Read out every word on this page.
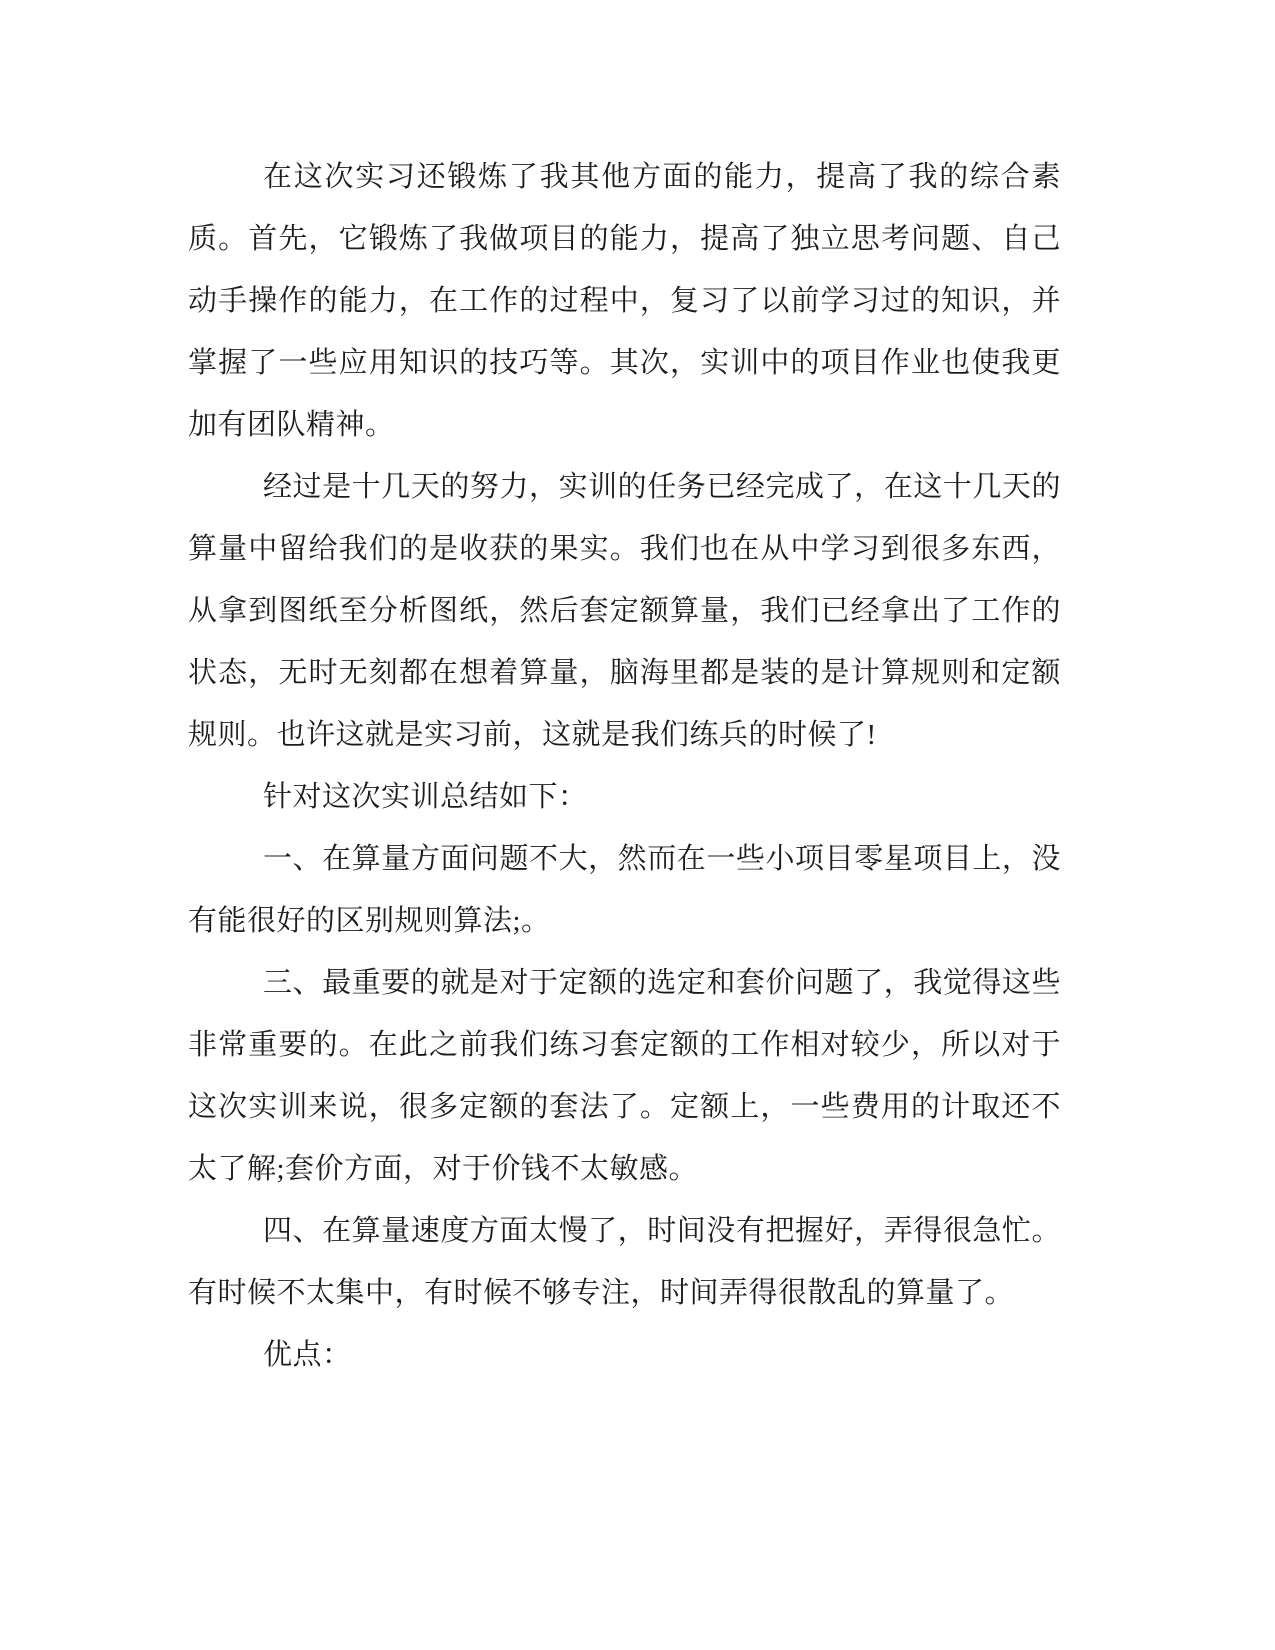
在这次实习还锻炼了我其他方面的能力，提高了我的综合素质。首先，它锻炼了我做项目的能力，提高了独立思考问题、自己动手操作的能力，在工作的过程中，复习了以前学习过的知识，并掌握了一些应用知识的技巧等。其次，实训中的项目作业也使我更加有团队精神。

经过是十几天的努力，实训的任务已经完成了，在这十几天的算量中留给我们的是收获的果实。我们也在从中学习到很多东西，从拿到图纸至分析图纸，然后套定额算量，我们已经拿出了工作的状态，无时无刻都在想着算量，脑海里都是装的是计算规则和定额规则。也许这就是实习前，这就是我们练兵的时候了!

针对这次实训总结如下：

一、在算量方面问题不大，然而在一些小项目零星项目上，没有能很好的区别规则算法;。

三、最重要的就是对于定额的选定和套价问题了，我觉得这些非常重要的。在此之前我们练习套定额的工作相对较少，所以对于这次实训来说，很多定额的套法了。定额上，一些费用的计取还不太了解;套价方面，对于价钱不太敏感。

四、在算量速度方面太慢了，时间没有把握好，弄得很急忙。有时候不太集中，有时候不够专注，时间弄得很散乱的算量了。

优点：
